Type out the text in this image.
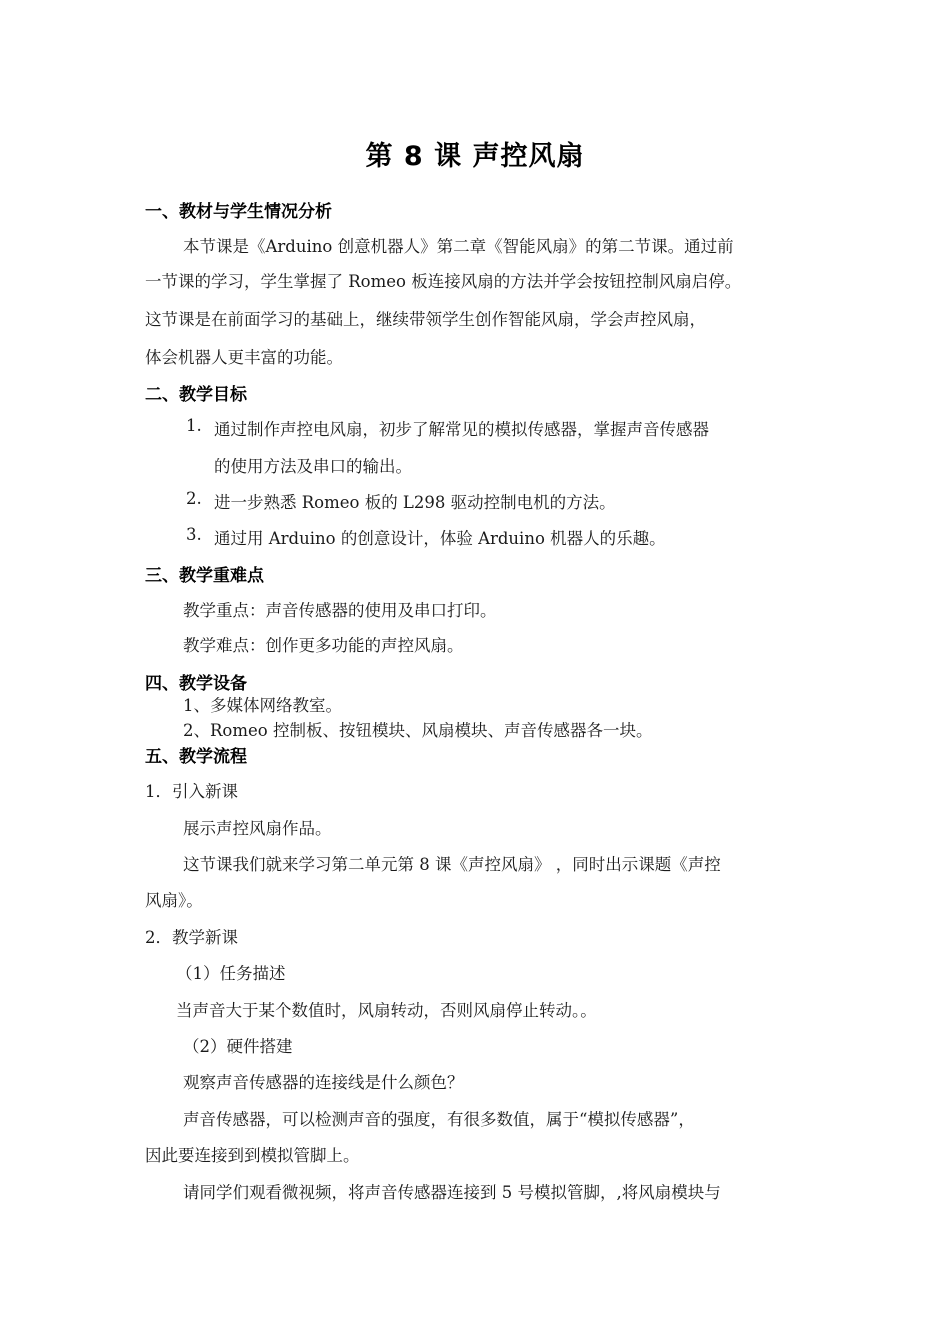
第 8 课 声控风扇
一、教材与学生情况分析
本节课是《Arduino 创意机器人》第二章《智能风扇》的第二节课。通过前
一节课的学习，学生掌握了 Romeo 板连接风扇的方法并学会按钮控制风扇启停。
这节课是在前面学习的基础上，继续带领学生创作智能风扇，学会声控风扇，
体会机器人更丰富的功能。
二、教学目标
1. 通过制作声控电风扇，初步了解常见的模拟传感器，掌握声音传感器
的使用方法及串口的输出。
2. 进一步熟悉 Romeo 板的 L298 驱动控制电机的方法。
3. 通过用 Arduino 的创意设计，体验 Arduino 机器人的乐趣。
三、教学重难点
教学重点：声音传感器的使用及串口打印。
教学难点：创作更多功能的声控风扇。
四、教学设备
1、多媒体网络教室。
2、Romeo 控制板、按钮模块、风扇模块、声音传感器各一块。
五、教学流程
1．引入新课
展示声控风扇作品。
这节课我们就来学习第二单元第 8 课《声控风扇》 ，同时出示课题《声控
风扇》。
2．教学新课
（1）任务描述
当声音大于某个数值时，风扇转动，否则风扇停止转动。。
（2）硬件搭建
观察声音传感器的连接线是什么颜色？
声音传感器，可以检测声音的强度，有很多数值，属于“模拟传感器”，
因此要连接到到模拟管脚上。
请同学们观看微视频，将声音传感器连接到 5 号模拟管脚，,将风扇模块与
